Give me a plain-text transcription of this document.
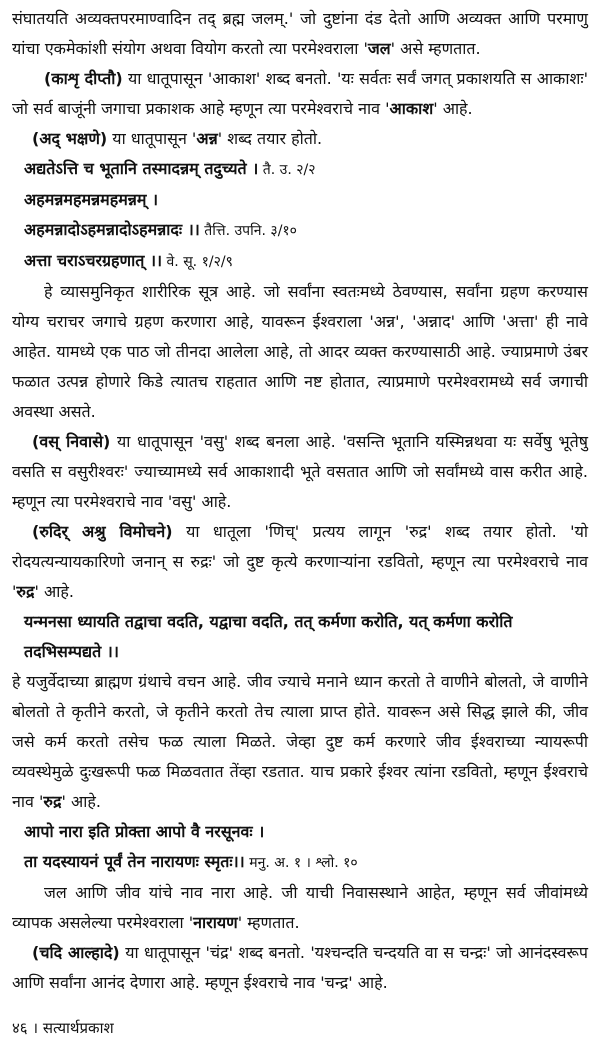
संघातयति अव्यक्तपरमाण्वादिन तद् ब्रह्म जलम्.' जो दुष्टांना दंड देतो आणि अव्यक्त आणि परमाणु यांचा एकमेकांशी संयोग अथवा वियोग करतो त्या परमेश्वराला 'जल' असे म्हणतात.

(काशृ दीप्तौ) या धातूपासून 'आकाश' शब्द बनतो. 'यः सर्वतः सर्वं जगत् प्रकाशयति स आकाशः' जो सर्व बाजूंनी जगाचा प्रकाशक आहे म्हणून त्या परमेश्वराचे नाव 'आकाश' आहे.

(अद् भक्षणे) या धातूपासून 'अन्न' शब्द तयार होतो.

अद्यतेऽत्ति च भूतानि तस्मादन्नम् तदुच्यते । तै. उ. २/२

अहमन्नमहमन्नमहमन्नम् ।

अहमन्नादोऽहमन्नादोऽहमन्नादः ।। तैत्ति. उपनि. ३/१०

अत्ता चराऽचरग्रहणात् ।। वे. सू. १/२/९

हे व्यासमुनिकृत शारीरिक सूत्र आहे. जो सर्वांना स्वतःमध्ये ठेवण्यास, सर्वांना ग्रहण करण्यास योग्य चराचर जगाचे ग्रहण करणारा आहे, यावरून ईश्वराला 'अन्न', 'अन्नाद' आणि 'अत्ता' ही नावे आहेत. यामध्ये एक पाठ जो तीनदा आलेला आहे, तो आदर व्यक्त करण्यासाठी आहे. ज्याप्रमाणे उंबर फळात उत्पन्न होणारे किडे त्यातच राहतात आणि नष्ट होतात, त्याप्रमाणे परमेश्वरामध्ये सर्व जगाची अवस्था असते.

(वस् निवासे) या धातूपासून 'वसु' शब्द बनला आहे. 'वसन्ति भूतानि यस्मिन्नथवा यः सर्वेषु भूतेषु वसति स वसुरीश्वरः' ज्याच्यामध्ये सर्व आकाशादी भूते वसतात आणि जो सर्वांमध्ये वास करीत आहे. म्हणून त्या परमेश्वराचे नाव 'वसु' आहे.

(रुदिर् अश्रु विमोचने) या धातूला 'णिच्' प्रत्यय लागून 'रुद्र' शब्द तयार होतो. 'यो रोदयत्यन्यायकारिणो जनान् स रुद्रः' जो दुष्ट कृत्ये करणाऱ्यांना रडवितो, म्हणून त्या परमेश्वराचे नाव 'रुद्र' आहे.

यन्मनसा ध्यायति तद्वाचा वदति, यद्वाचा वदति, तत् कर्मणा करोति, यत् कर्मणा करोति तदभिसम्पद्यते ।।

हे यजुर्वेदाच्या ब्राह्मण ग्रंथाचे वचन आहे. जीव ज्याचे मनाने ध्यान करतो ते वाणीने बोलतो, जे वाणीने बोलतो ते कृतीने करतो, जे कृतीने करतो तेच त्याला प्राप्त होते. यावरून असे सिद्ध झाले की, जीव जसे कर्म करतो तसेच फळ त्याला मिळते. जेव्हा दुष्ट कर्म करणारे जीव ईश्वराच्या न्यायरूपी व्यवस्थेमुळे दुःखरूपी फळ मिळवतात तेंव्हा रडतात. याच प्रकारे ईश्वर त्यांना रडवितो, म्हणून ईश्वराचे नाव 'रुद्र' आहे.

आपो नारा इति प्रोक्ता आपो वै नरसूनवः ।

ता यदस्यायनं पूर्वं तेन नारायणः स्मृतः।। मनु. अ. १ । श्लो. १०

जल आणि जीव यांचे नाव नारा आहे. जी याची निवासस्थाने आहेत, म्हणून सर्व जीवांमध्ये व्यापक असलेल्या परमेश्वराला 'नारायण' म्हणतात.

(चदि आल्हादे) या धातूपासून 'चंद्र' शब्द बनतो. 'यश्चन्दति चन्दयति वा स चन्द्रः' जो आनंदस्वरूप आणि सर्वांना आनंद देणारा आहे. म्हणून ईश्वराचे नाव 'चन्द्र' आहे.

४६ । सत्यार्थप्रकाश
